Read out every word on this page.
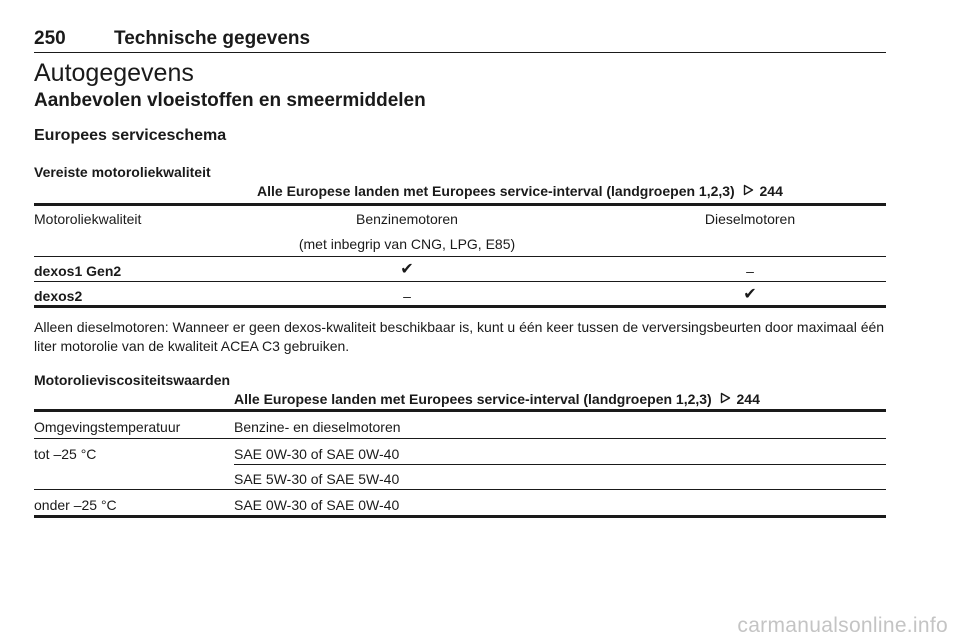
250	Technische gegevens
Autogegevens
Aanbevolen vloeistoffen en smeermiddelen
Europees serviceschema
Vereiste motoroliekwaliteit
Alle Europese landen met Europees service-interval (landgroepen 1,2,3) 244
Motoroliekwaliteit	Benzinemotoren	Dieselmotoren
(met inbegrip van CNG, LPG, E85)
dexos1 Gen2	✔	–
dexos2	–	✔
Alleen dieselmotoren: Wanneer er geen dexos-kwaliteit beschikbaar is, kunt u één keer tussen de verversingsbeurten door maximaal één liter motorolie van de kwaliteit ACEA C3 gebruiken.
Motorolieviscositeitswaarden
Alle Europese landen met Europees service-interval (landgroepen 1,2,3) 244
Omgevingstemperatuur	Benzine- en dieselmotoren
tot –25 °C	SAE 0W-30 of SAE 0W-40
SAE 5W-30 of SAE 5W-40
onder –25 °C	SAE 0W-30 of SAE 0W-40
carmanualsonline.info
